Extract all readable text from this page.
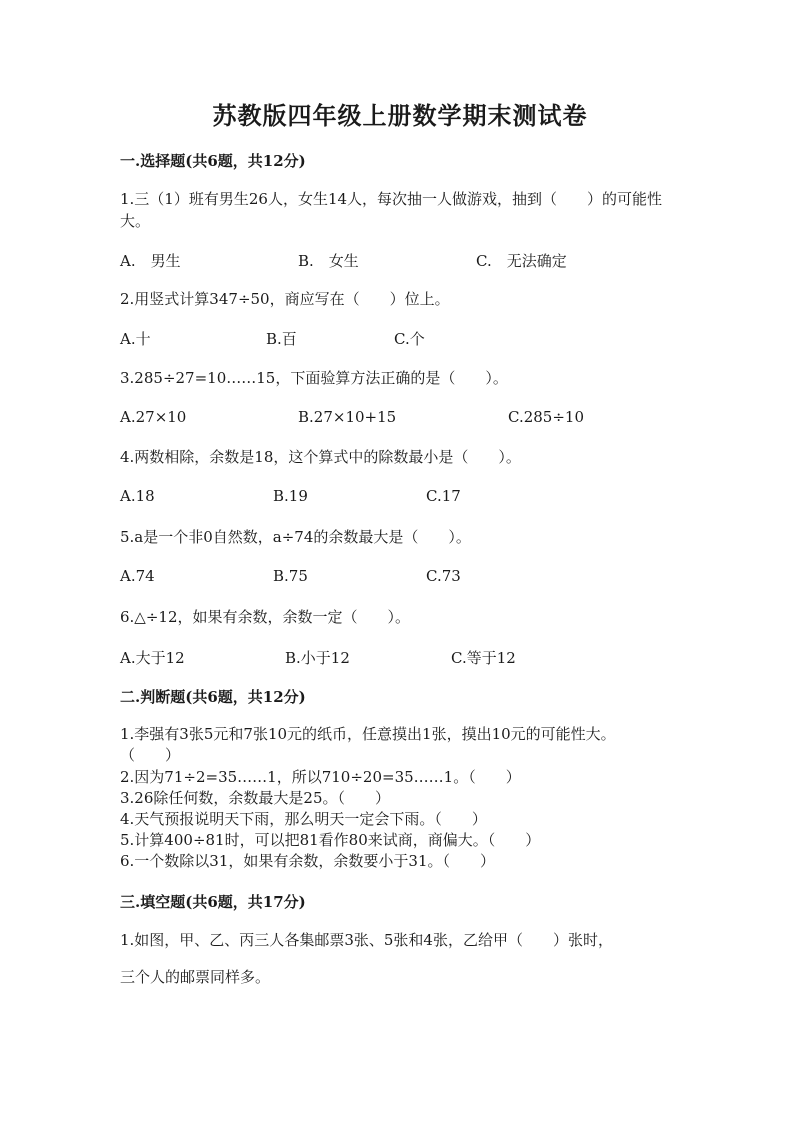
苏教版四年级上册数学期末测试卷
一.选择题(共6题，共12分)
1.三（1）班有男生26人，女生14人，每次抽一人做游戏，抽到（　　）的可能性大。
A.　男生	B.　女生	C.　无法确定
2.用竖式计算347÷50，商应写在（　　）位上。
A.十	B.百	C.个
3.285÷27=10……15，下面验算方法正确的是（　　）。
A.27×10	B.27×10+15	C.285÷10
4.两数相除，余数是18，这个算式中的除数最小是（　　）。
A.18	B.19	C.17
5.a是一个非0自然数，a÷74的余数最大是（　　）。
A.74	B.75	C.73
6.△÷12，如果有余数，余数一定（　　）。
A.大于12	B.小于12	C.等于12
二.判断题(共6题，共12分)
1.李强有3张5元和7张10元的纸币，任意摸出1张，摸出10元的可能性大。　　　（　　）
2.因为71÷2=35……1，所以710÷20=35……1。（　　）
3.26除任何数，余数最大是25。（　　）
4.天气预报说明天下雨，那么明天一定会下雨。（　　）
5.计算400÷81时，可以把81看作80来试商，商偏大。（　　）
6.一个数除以31，如果有余数，余数要小于31。（　　）
三.填空题(共6题，共17分)
1.如图，甲、乙、丙三人各集邮票3张、5张和4张，乙给甲（　　）张时，
三个人的邮票同样多。
